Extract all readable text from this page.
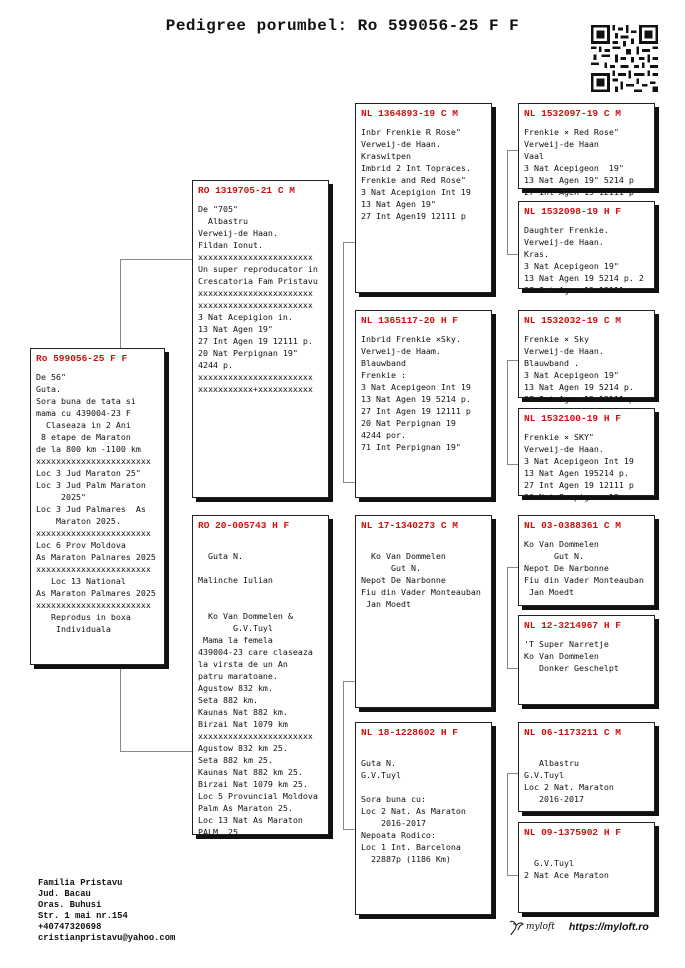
Pedigree porumbel: Ro 599056-25 F F
Ro 599056-25 F F
De 56"
Guta.
Sora buna de tata si
mama cu 439004-23 F
Claseaza in 2 Ani
8 etape de Maraton
de la 800 km -1100 km
xxxxxxxxxxxxxxxxxxxxxxx
Loc 3 Jud Maraton 25"
Loc 3 Jud Palm Maraton
2025"
Loc 3 Jud Palmares  As
Maraton 2025.
xxxxxxxxxxxxxxxxxxxxxxx
Loc 6 Prov Moldova
As Maraton Palnares 2025
xxxxxxxxxxxxxxxxxxxxxxx
Loc 13 National
As Maraton Palmares 2025
xxxxxxxxxxxxxxxxxxxxxxx
Reprodus in boxa
Individuala
RO 1319705-21 C M
De "705"
Albastru
Verweij-de Haan.
Fildan Ionut.
xxxxxxxxxxxxxxxxxxxxxxx
Un super reproducator in
Crescatoria Fam Pristavu
xxxxxxxxxxxxxxxxxxxxxxx
xxxxxxxxxxxxxxxxxxxxxxx
3 Nat Acepigion in.
13 Nat Agen 19"
27 Int Agen 19 12111 p.
20 Nat Perpignan 19"
4244 p.
xxxxxxxxxxxxxxxxxxxxxxx
xxxxxxxxxxx+xxxxxxxxxxx
RO 20-005743 H F

Guta N.

Malinche Iulian

Ko Van Dommelen &
G.V.Tuyl
Mama la femela
439004-23 care claseaza
la virsta de un An
patru maratoane.
Agustow 832 km.
Seta 882 km.
Kaunas Nat 882 km.
Birzai Nat 1079 km
xxxxxxxxxxxxxxxxxxxxxxx
Agustow 832 km 25.
Seta 882 km 25.
Kaunas Nat 882 km 25.
Birzai Nat 1079 km 25.
Loc 5 Provuncial Moldova
Palm As Maraton 25.
Loc 13 Nat As Maraton
PALM  25
NL 1364893-19 C M
Inbr Frenkie R Rose"
Verweij-de Haan.
Kraswitpen
Imbrid 2 Int Topraces.
Frenkie and Red Rose"
3 Nat Acepigion Int 19
13 Nat Agen 19"
27 Int Agen19 12111 p
NL 1365117-20 H F
Inbrid Frenkie ×Sky.
Verweij-de Haam.
Blauwband
Frenkie :
3 Nat Acepigeon Int 19
13 Nat Agen 19 5214 p.
27 Int Agen 19 12111 p
20 Nat Perpignan 19
4244 por.
71 Int Perpignan 19"
NL 17-1340273 C M

Ko Van Dommelen
Gut N.
Nepot De Narbonne
Fiu din Vader Monteauban
Jan Moedt
NL 18-1228602 H F

Guta N.
G.V.Tuyl

Sora buna cu:
Loc 2 Nat. As Maraton
2016-2017
Nepoata Rodico:
Loc 1 Int. Barcelona
22887p (1186 Km)
NL 1532097-19 C M
Frenkie × Red Rose"
Verweij-de Haan
Vaal
3 Nat Acepigeon  19"
13 Nat Agen 19" 5214 p
27 Int Agen 19 12111 p
NL 1532098-19 H F
Daughter Frenkie.
Verweij-de Haan.
Kras.
3 Nat Acepigeon 19"
13 Nat Agen 19 5214 p. 2
27 Int Agen 19 12111
NL 1532032-19 C M
Frenkie × Sky
Verweij-de Haan.
Blauwband .
3 Nat Acepigeon 19"
13 Nat Agen 19 5214 p.
27 Int Agen 19 12111 p
NL 1532100-19 H F
Frenkie × SKY"
Verweij-de Haan.
3 Nat Acepigeon Int 19
13 Nat Agen 195214 p.
27 Int Agen 19 12111 p
20 Nat Perpignan 19
NL 03-0388361 C M
Ko Van Dommelen
Gut N.
Nepot De Narbonne
Fiu din Vader Monteauban
Jan Moedt
NL 12-3214967 H F
'T Super Narretje
Ko Van Dommelen
Donker Geschelpt
NL 06-1173211 C M

Albastru
G.V.Tuyl
Loc 2 Nat. Maraton
2016-2017
NL 09-1375902 H F

G.V.Tuyl
2 Nat Ace Maraton
Familia Pristavu
Jud. Bacau
Oras. Buhusi
Str. 1 mai nr.154
+40747320698
cristianpristavu@yahoo.com
myloft https://myloft.ro
